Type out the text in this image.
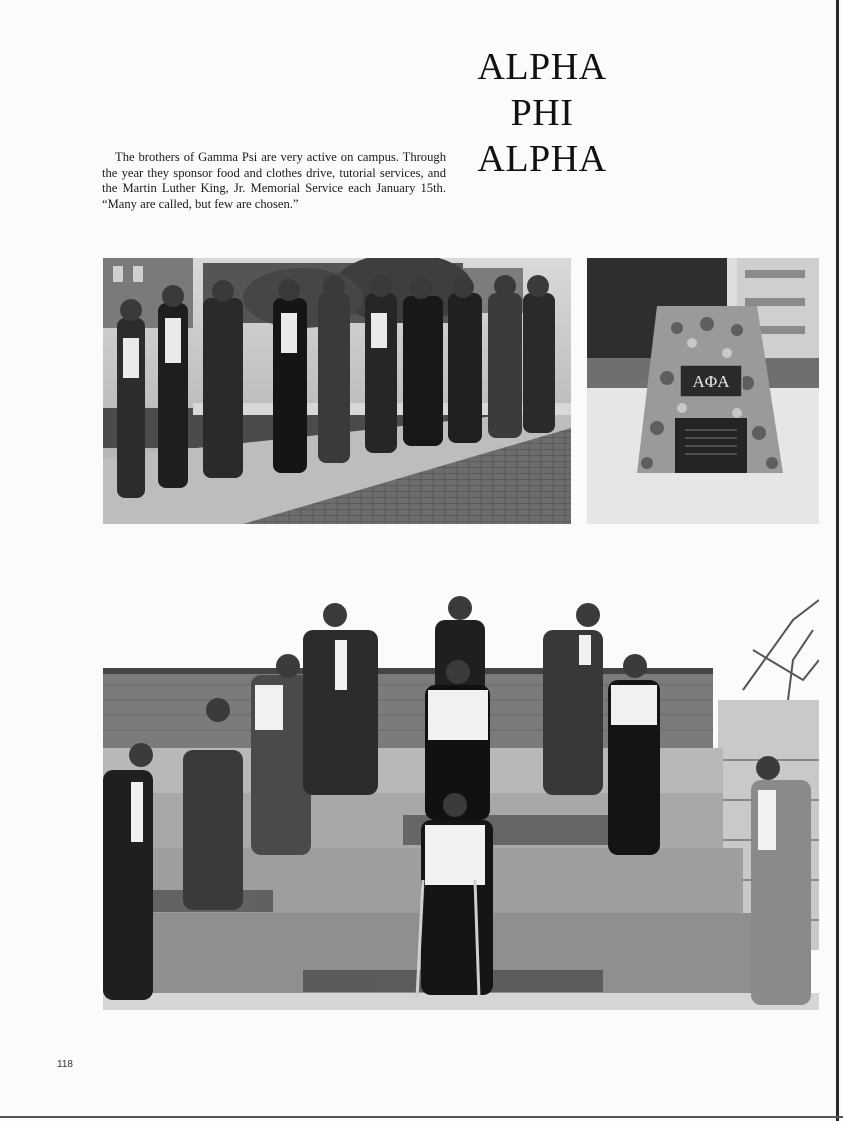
ALPHA
PHI
ALPHA

The brothers of Gamma Psi are very active on campus. Through the year they sponsor food and clothes drive, tutorial services, and the Martin Luther King, Jr. Memorial Service each January 15th. “Many are called, but few are chosen.”

AΦA
118
